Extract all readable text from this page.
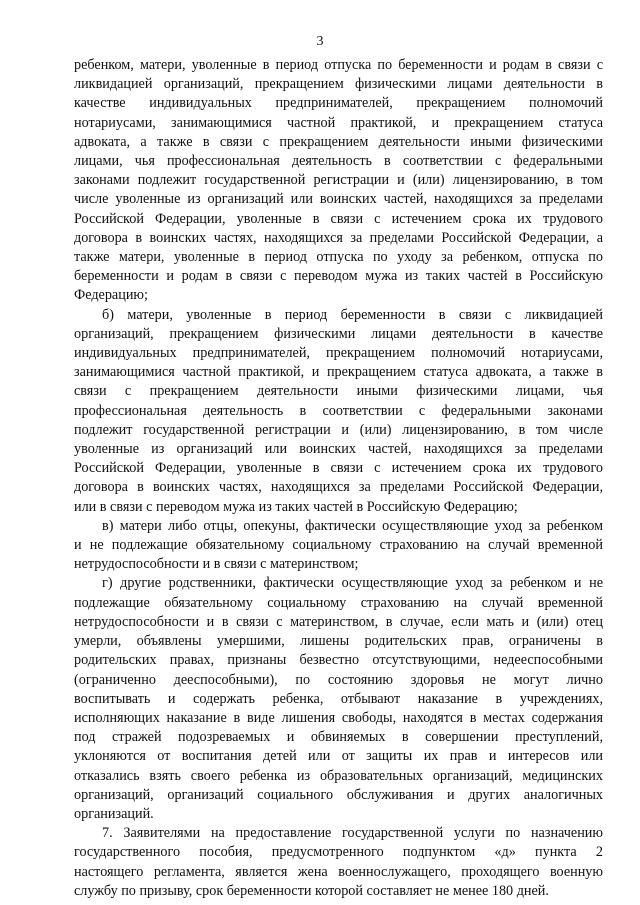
3
ребенком, матери, уволенные в период отпуска по беременности и родам в связи с
ликвидацией организаций, прекращением физическими лицами деятельности в
качестве индивидуальных предпринимателей, прекращением полномочий
нотариусами, занимающимися частной практикой, и прекращением статуса
адвоката, а также в связи с прекращением деятельности иными физическими
лицами, чья профессиональная деятельность в соответствии с федеральными
законами подлежит государственной регистрации и (или) лицензированию, в том
числе уволенные из организаций или воинских частей, находящихся за пределами
Российской Федерации, уволенные в связи с истечением срока их трудового
договора в воинских частях, находящихся за пределами Российской Федерации, а
также матери, уволенные в период отпуска по уходу за ребенком, отпуска по
беременности и родам в связи с переводом мужа из таких частей в Российскую
Федерацию;
б) матери, уволенные в период беременности в связи с ликвидацией
организаций, прекращением физическими лицами деятельности в качестве
индивидуальных предпринимателей, прекращением полномочий нотариусами,
занимающимися частной практикой, и прекращением статуса адвоката, а также в
связи с прекращением деятельности иными физическими лицами, чья
профессиональная деятельность в соответствии с федеральными законами
подлежит государственной регистрации и (или) лицензированию, в том числе
уволенные из организаций или воинских частей, находящихся за пределами
Российской Федерации, уволенные в связи с истечением срока их трудового
договора в воинских частях, находящихся за пределами Российской Федерации,
или в связи с переводом мужа из таких частей в Российскую Федерацию;
в) матери либо отцы, опекуны, фактически осуществляющие уход за ребенком
и не подлежащие обязательному социальному страхованию на случай временной
нетрудоспособности и в связи с материнством;
г) другие родственники, фактически осуществляющие уход за ребенком и не
подлежащие обязательному социальному страхованию на случай временной
нетрудоспособности и в связи с материнством, в случае, если мать и (или) отец
умерли, объявлены умершими, лишены родительских прав, ограничены в
родительских правах, признаны безвестно отсутствующими, недееспособными
(ограниченно дееспособными), по состоянию здоровья не могут лично
воспитывать и содержать ребенка, отбывают наказание в учреждениях,
исполняющих наказание в виде лишения свободы, находятся в местах содержания
под стражей подозреваемых и обвиняемых в совершении преступлений,
уклоняются от воспитания детей или от защиты их прав и интересов или
отказались взять своего ребенка из образовательных организаций, медицинских
организаций, организаций социального обслуживания и других аналогичных
организаций.
7. Заявителями на предоставление государственной услуги по назначению
государственного пособия, предусмотренного подпунктом «д» пункта 2
настоящего регламента, является жена военнослужащего, проходящего военную
службу по призыву, срок беременности которой составляет не менее 180 дней.
